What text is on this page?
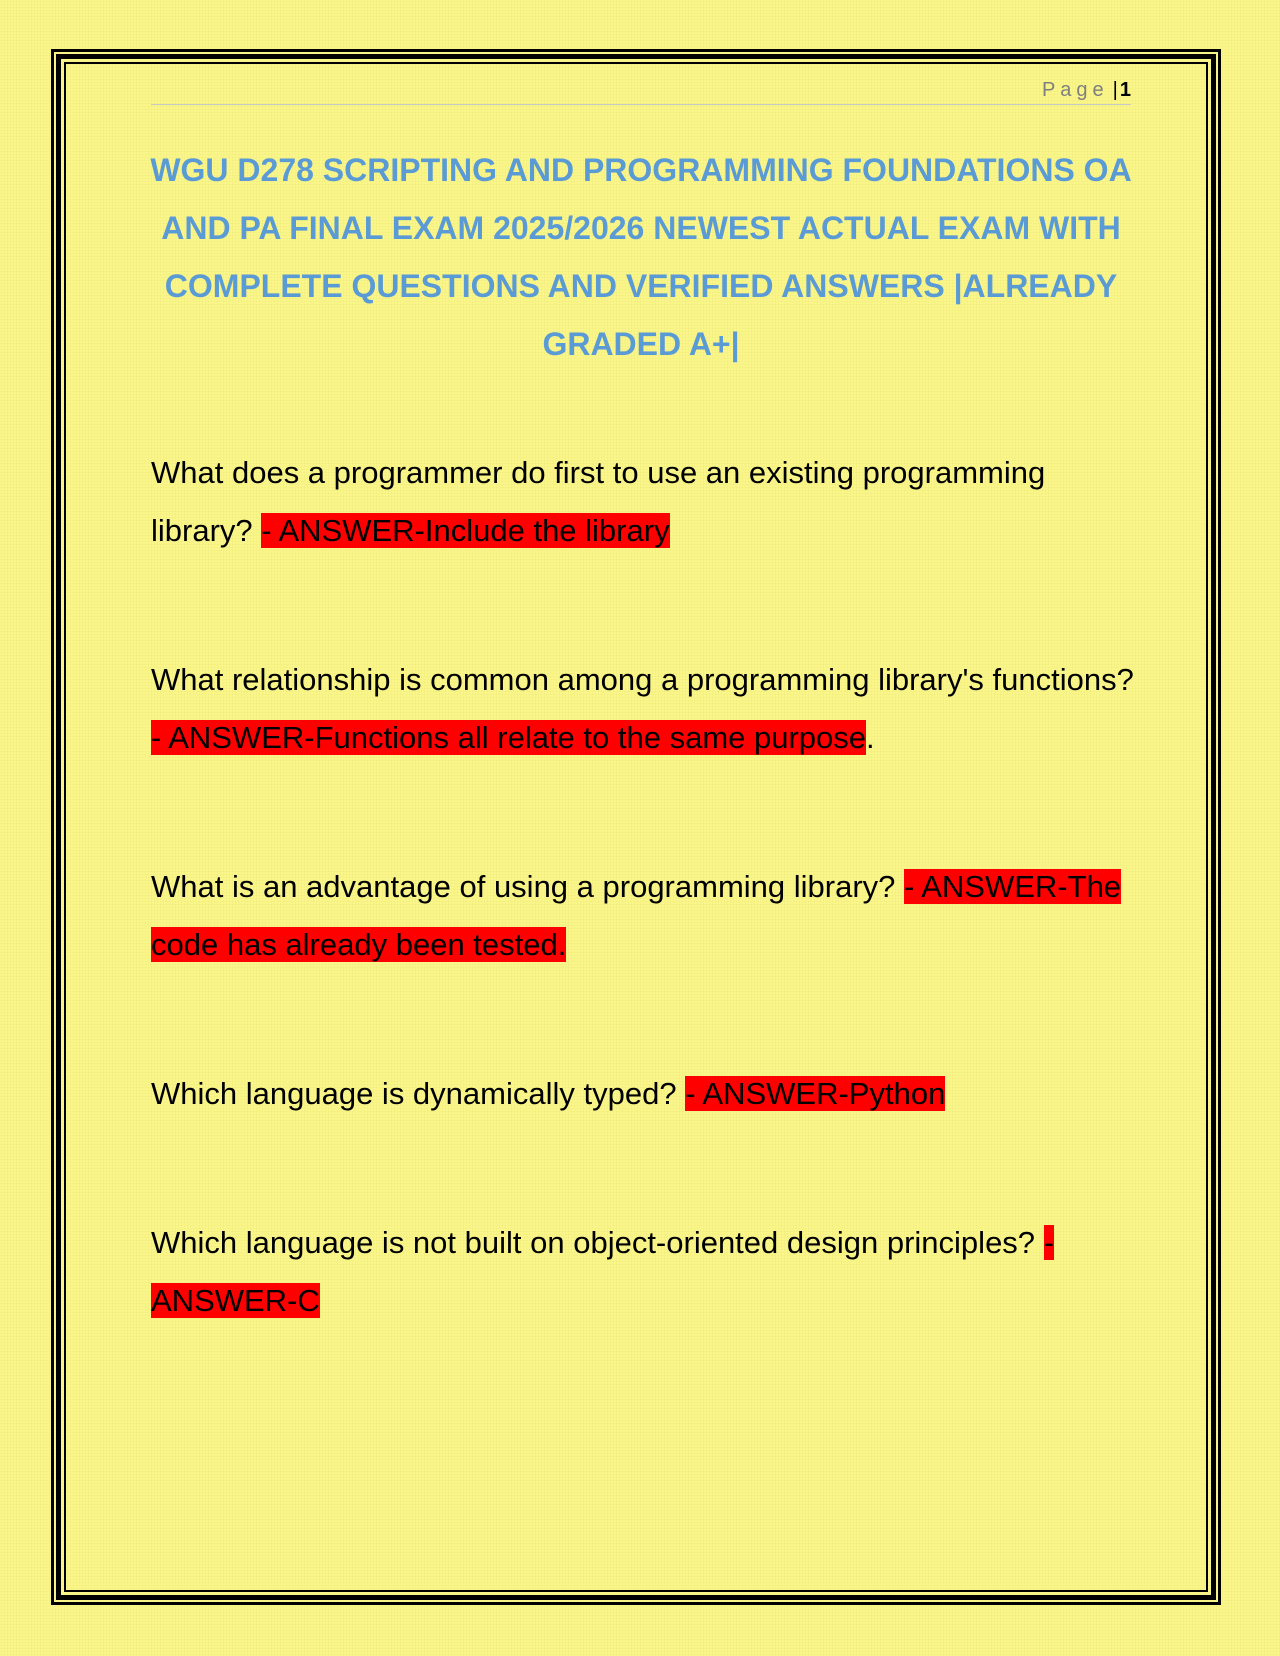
Page | 1
WGU D278 SCRIPTING AND PROGRAMMING FOUNDATIONS OA AND PA FINAL EXAM 2025/2026 NEWEST ACTUAL EXAM WITH COMPLETE QUESTIONS AND VERIFIED ANSWERS |ALREADY GRADED A+|

What does a programmer do first to use an existing programming library? - ANSWER-Include the library

What relationship is common among a programming library's functions? - ANSWER-Functions all relate to the same purpose.

What is an advantage of using a programming library? - ANSWER-The code has already been tested.

Which language is dynamically typed? - ANSWER-Python

Which language is not built on object-oriented design principles? - ANSWER-C
